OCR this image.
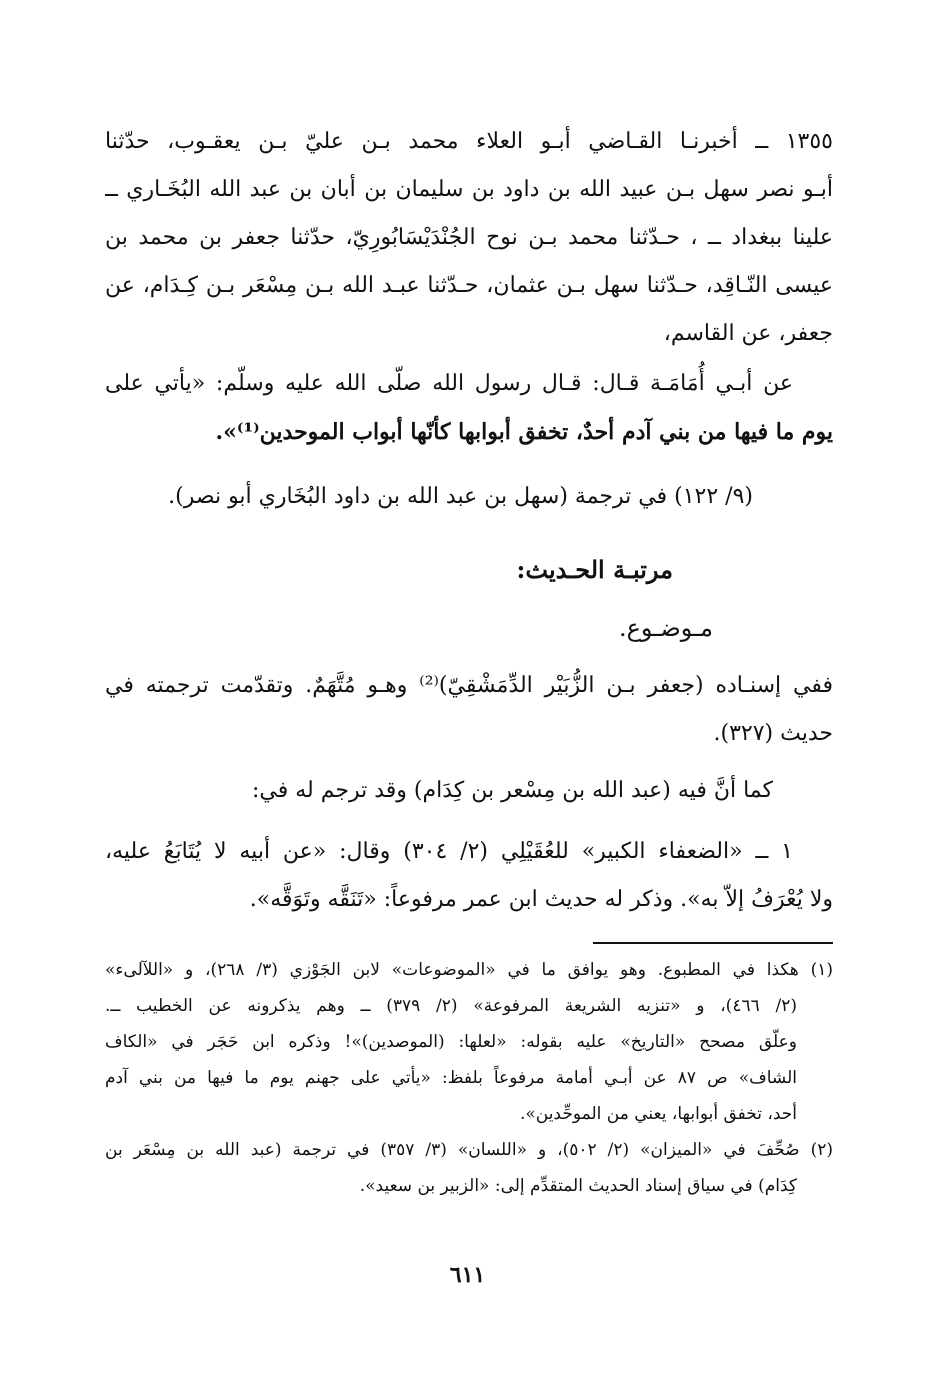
١٣٥٥ ــ أخبرنـا القـاضي أبـو العلاء محمد بـن عليّ بـن يعقـوب، حدّثنا
أبـو نصر سهل بـن عبيد الله بن داود بن سليمان بن أبان بن عبد الله البُخَـاري ــ
علينا ببغداد ــ ، حـدّثنا محمد بـن نوح الجُنْدَيْسَابُورِيّ، حدّثنا جعفر بن محمد بن
عيسى النّـاقِد، حـدّثنا سهل بـن عثمان، حـدّثنا عبـد الله بـن مِسْعَر بـن كِـدَام، عن
جعفر، عن القاسم،
عن أبـي أُمَامَـة قـال: قـال رسول الله صلّى الله عليه وسلّم: «يأتي على
يوم ما فيها من بني آدم أحدٌ، تخفق أبوابها كأنّها أبواب الموحدين⁽¹⁾».
(٩/ ١٢٢) في ترجمة (سهل بن عبد الله بن داود البُخَاري أبو نصر).
مرتبـة الحـديث:
مـوضـوع.
ففي إسنـاده (جعفر بـن الزُّبَيْر الدِّمَشْقِيّ)⁽²⁾ وهـو مُتَّهَمٌ. وتقدّمت ترجمته في
حديث (٣٢٧).
كما أنَّ فيه (عبد الله بن مِسْعر بن كِدَام) وقد ترجم له في:
١ ــ «الضعفاء الكبير» للعُقَيْلِي (٢/ ٣٠٤) وقال: «عن أبيه لا يُتَابَعُ عليه،
ولا يُعْرَفُ إلاّ به». وذكر له حديث ابن عمر مرفوعاً: «تَنَقَّه وتَوَقَّه».
(١) هكذا في المطبوع. وهو يوافق ما في «الموضوعات» لابن الجَوْزي (٣/ ٢٦٨)، و «اللآلىء»
(٢/ ٤٦٦)، و «تنزيه الشريعة المرفوعة» (٢/ ٣٧٩) ــ وهم يذكرونه عن الخطيب ــ.
وعلّق مصحح «التاريخ» عليه بقوله: «لعلها: (الموصدين)»! وذكره ابن حَجَر في «الكاف
الشاف» ص ٨٧ عن أبـي أمامة مرفوعاً بلفظ: «يأتي على جهنم يوم ما فيها من بني آدم
أحد، تخفق أبوابها، يعني من الموحِّدين».
(٢) صُحِّفَ في «الميزان» (٢/ ٥٠٢)، و «اللسان» (٣/ ٣٥٧) في ترجمة (عبد الله بن مِسْعَر بن
كِدَام) في سياق إسناد الحديث المتقدِّم إلى: «الزبير بن سعيد».
٦١١
